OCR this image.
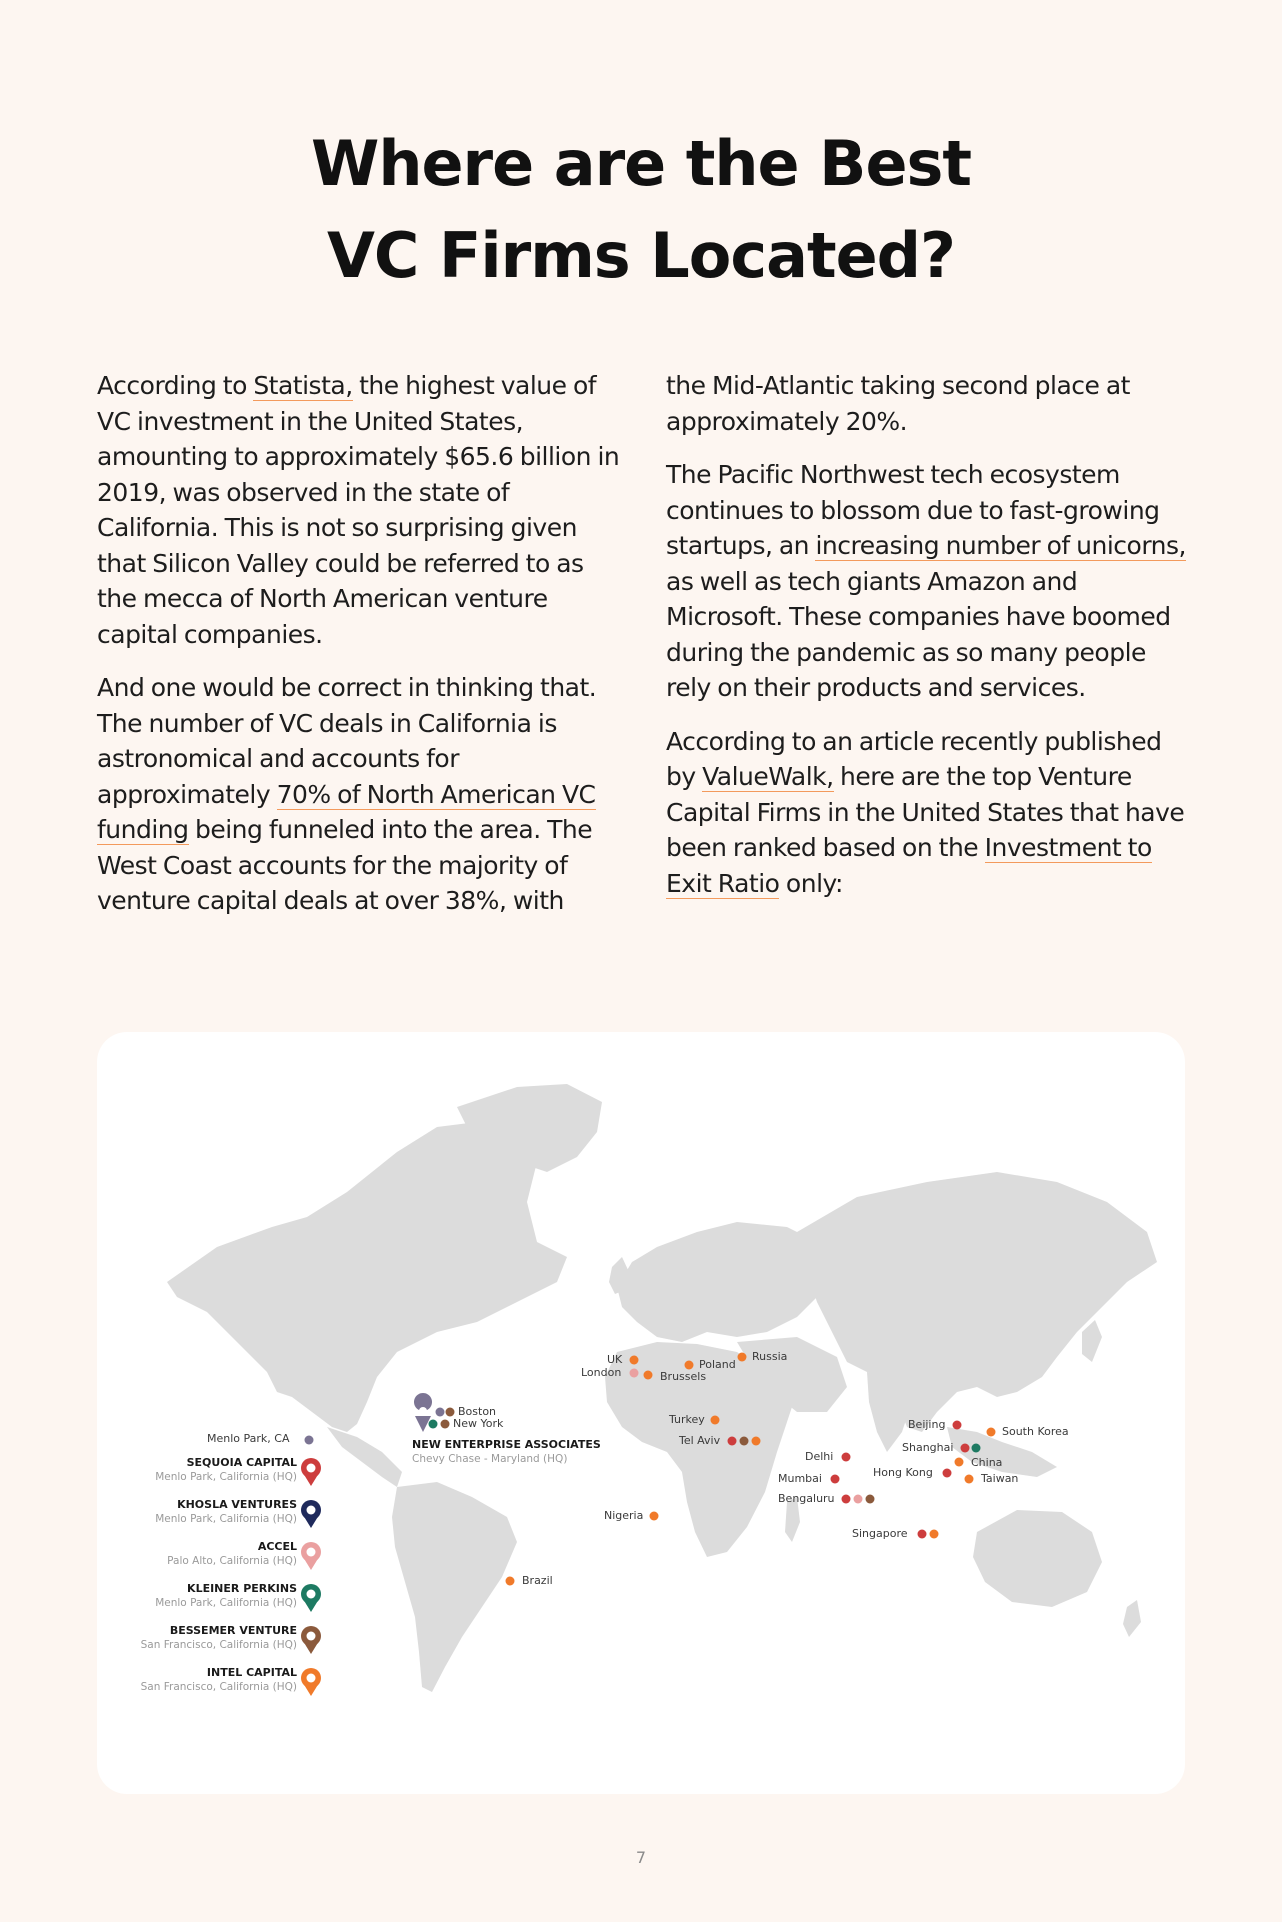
Where are the Best
VC Firms Located?

According to Statista, the highest value of VC investment in the United States, amounting to approximately $65.6 billion in 2019, was observed in the state of California. This is not so surprising given that Silicon Valley could be referred to as the mecca of North American venture capital companies.

And one would be correct in thinking that. The number of VC deals in California is astronomical and accounts for approximately 70% of North American VC funding being funneled into the area. The West Coast accounts for the majority of venture capital deals at over 38%, with

the Mid-Atlantic taking second place at approximately 20%.

The Pacific Northwest tech ecosystem continues to blossom due to fast-growing startups, an increasing number of unicorns, as well as tech giants Amazon and Microsoft. These companies have boomed during the pandemic as so many people rely on their products and services.

According to an article recently published by ValueWalk, here are the top Venture Capital Firms in the United States that have been ranked based on the Investment to Exit Ratio only:

Menlo Park, CA
Boston
New York
UK
London
Poland
Russia
Brussels
Turkey
Tel Aviv
Delhi
Mumbai
Bengaluru
Beijing
South Korea
Shanghai
China
Hong Kong	Taiwan
Singapore
Nigeria
Brazil
NEW ENTERPRISE ASSOCIATES
Chevy Chase - Maryland (HQ)
SEQUOIA CAPITAL
Menlo Park, California (HQ)
KHOSLA VENTURES
Menlo Park, California (HQ)
ACCEL
Palo Alto, California (HQ)
KLEINER PERKINS
Menlo Park, California (HQ)
BESSEMER VENTURE
San Francisco, California (HQ)
INTEL CAPITAL
San Francisco, California (HQ)
7
